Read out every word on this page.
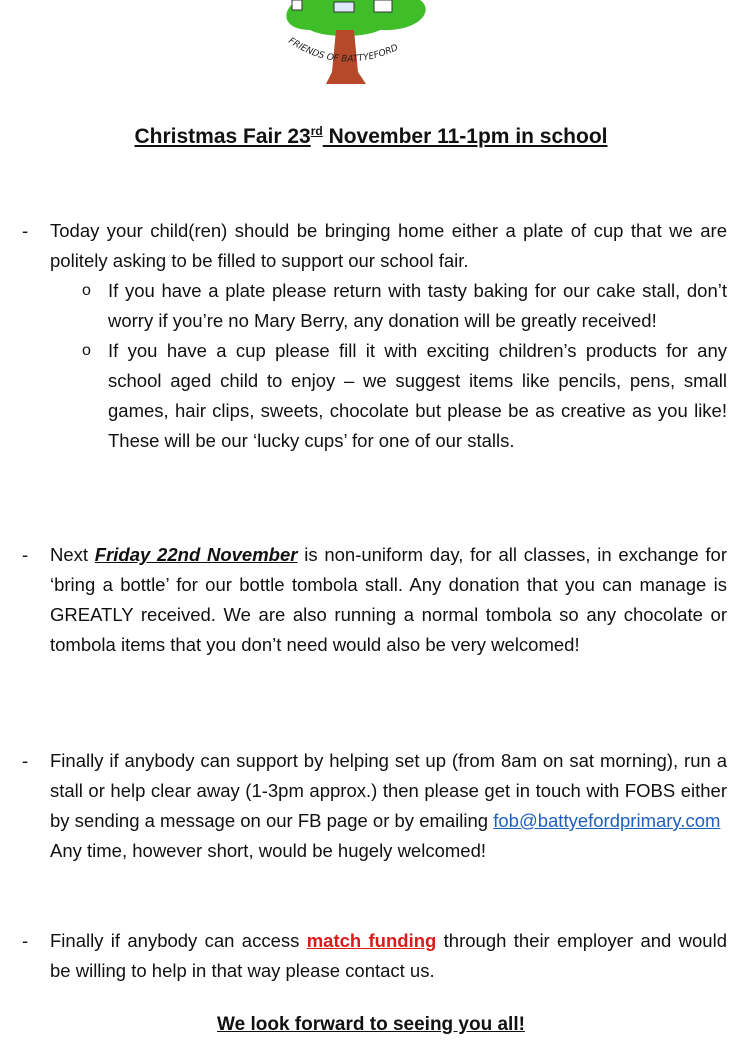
FRIENDS OF BATTYEFORD
Christmas Fair 23rd November 11-1pm in school
- Today your child(ren) should be bringing home either a plate of cup that we are politely asking to be filled to support our school fair.
o If you have a plate please return with tasty baking for our cake stall, don’t worry if you’re no Mary Berry, any donation will be greatly received!
o If you have a cup please fill it with exciting children’s products for any school aged child to enjoy – we suggest items like pencils, pens, small games, hair clips, sweets, chocolate but please be as creative as you like! These will be our ‘lucky cups’ for one of our stalls.
- Next Friday 22nd November is non-uniform day, for all classes, in exchange for ‘bring a bottle’ for our bottle tombola stall. Any donation that you can manage is GREATLY received. We are also running a normal tombola so any chocolate or tombola items that you don’t need would also be very welcomed!
- Finally if anybody can support by helping set up (from 8am on sat morning), run a stall or help clear away (1-3pm approx.) then please get in touch with FOBS either by sending a message on our FB page or by emailing fob@battyefordprimary.com
Any time, however short, would be hugely welcomed!
- Finally if anybody can access match funding through their employer and would be willing to help in that way please contact us.
We look forward to seeing you all!
